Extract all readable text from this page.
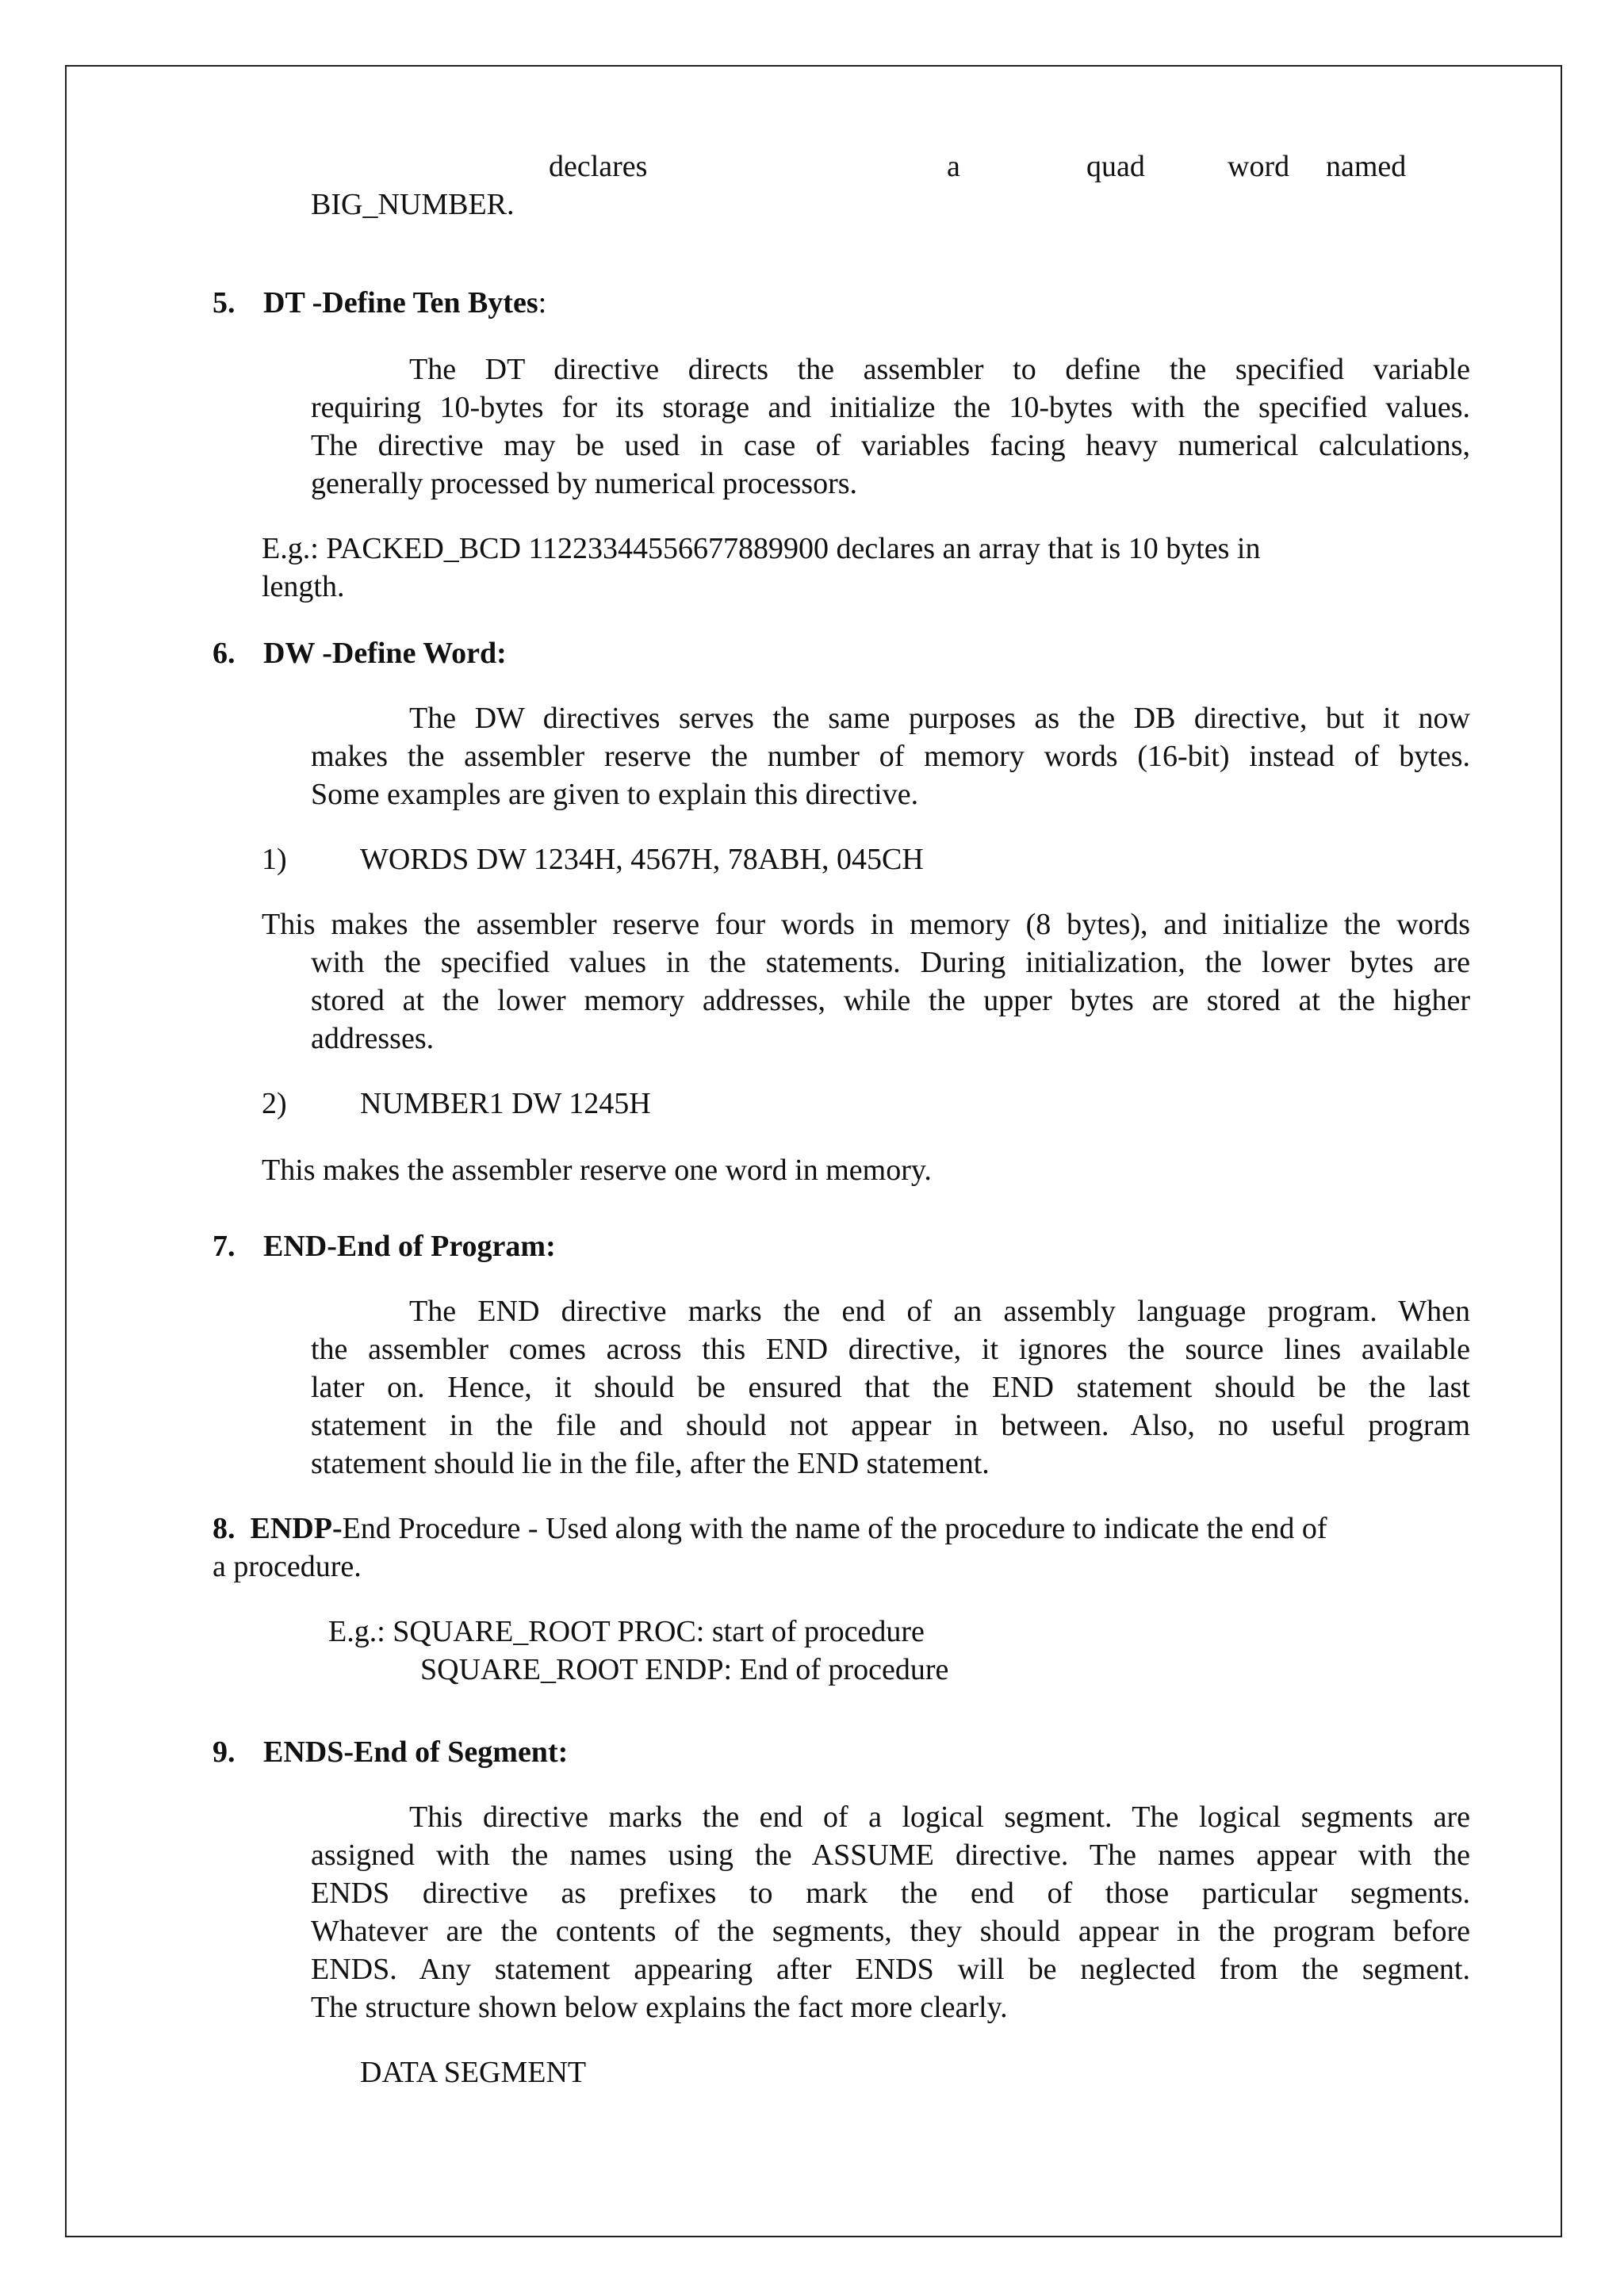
declares	a	quad	word named
BIG_NUMBER.
5. DT -Define Ten Bytes:
The DT directive directs the assembler to define the specified variable
requiring 10-bytes for its storage and initialize the 10-bytes with the specified values.
The directive may be used in case of variables facing heavy numerical calculations,
generally processed by numerical processors.
E.g.: PACKED_BCD 11223344556677889900 declares an array that is 10 bytes in
length.
6. DW -Define Word:
The DW directives serves the same purposes as the DB directive, but it now
makes the assembler reserve the number of memory words (16-bit) instead of bytes.
Some examples are given to explain this directive.
1) WORDS DW 1234H, 4567H, 78ABH, 045CH
This makes the assembler reserve four words in memory (8 bytes), and initialize the words
with the specified values in the statements. During initialization, the lower bytes are
stored at the lower memory addresses, while the upper bytes are stored at the higher
addresses.
2) NUMBER1 DW 1245H
This makes the assembler reserve one word in memory.
7. END-End of Program:
The END directive marks the end of an assembly language program. When
the assembler comes across this END directive, it ignores the source lines available
later on. Hence, it should be ensured that the END statement should be the last
statement in the file and should not appear in between. Also, no useful program
statement should lie in the file, after the END statement.
8. ENDP-End Procedure - Used along with the name of the procedure to indicate the end of
a procedure.
E.g.: SQUARE_ROOT PROC: start of procedure
SQUARE_ROOT ENDP: End of procedure
9. ENDS-End of Segment:
This directive marks the end of a logical segment. The logical segments are
assigned with the names using the ASSUME directive. The names appear with the
ENDS directive as prefixes to mark the end of those particular segments.
Whatever are the contents of the segments, they should appear in the program before
ENDS. Any statement appearing after ENDS will be neglected from the segment.
The structure shown below explains the fact more clearly.
DATA SEGMENT
